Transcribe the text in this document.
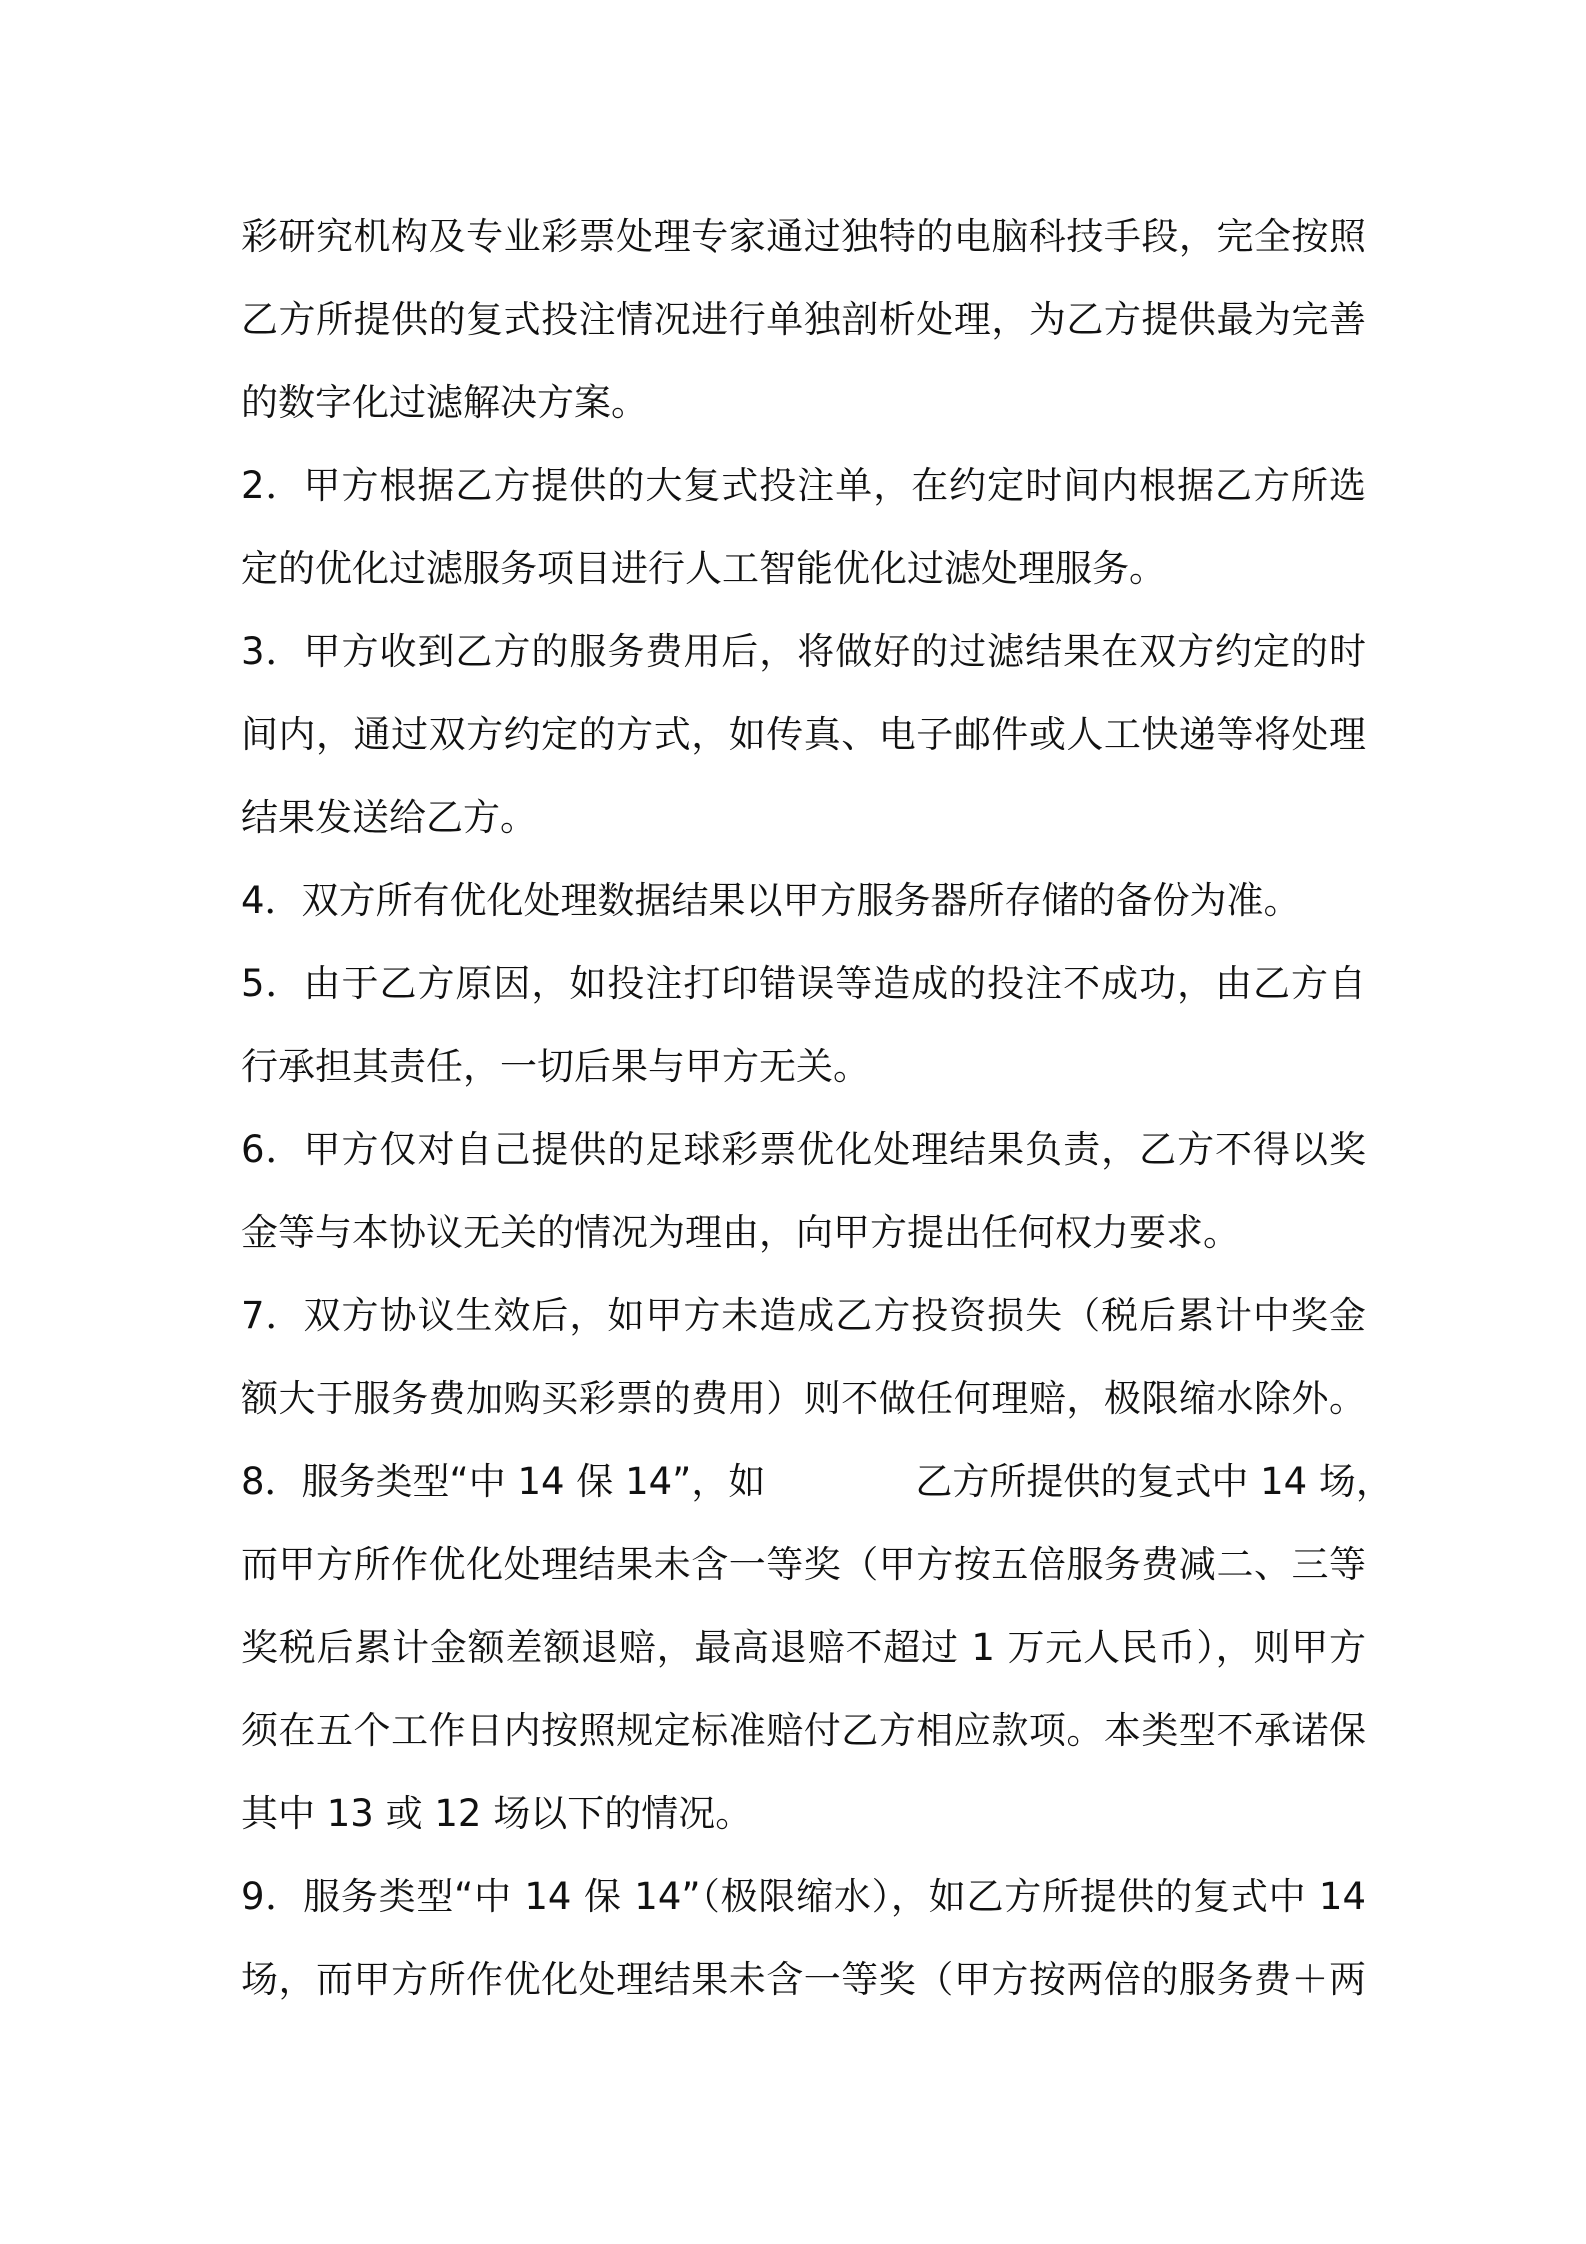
彩研究机构及专业彩票处理专家通过独特的电脑科技手段，完全按照
乙方所提供的复式投注情况进行单独剖析处理，为乙方提供最为完善
的数字化过滤解决方案。
2．甲方根据乙方提供的大复式投注单，在约定时间内根据乙方所选
定的优化过滤服务项目进行人工智能优化过滤处理服务。
3．甲方收到乙方的服务费用后，将做好的过滤结果在双方约定的时
间内，通过双方约定的方式，如传真、电子邮件或人工快递等将处理
结果发送给乙方。
4．双方所有优化处理数据结果以甲方服务器所存储的备份为准。
5．由于乙方原因，如投注打印错误等造成的投注不成功，由乙方自
行承担其责任，一切后果与甲方无关。
6．甲方仅对自己提供的足球彩票优化处理结果负责，乙方不得以奖
金等与本协议无关的情况为理由，向甲方提出任何权力要求。
7．双方协议生效后，如甲方未造成乙方投资损失（税后累计中奖金
额大于服务费加购买彩票的费用）则不做任何理赔，极限缩水除外。
8．服务类型“中 14 保 14”，如	乙方所提供的复式中 14 场，
而甲方所作优化处理结果未含一等奖（甲方按五倍服务费减二、三等
奖税后累计金额差额退赔，最高退赔不超过 1 万元人民币），则甲方
须在五个工作日内按照规定标准赔付乙方相应款项。本类型不承诺保
其中 13 或 12 场以下的情况。
9．服务类型“中 14 保 14”（极限缩水），如乙方所提供的复式中 14
场，而甲方所作优化处理结果未含一等奖（甲方按两倍的服务费＋两
